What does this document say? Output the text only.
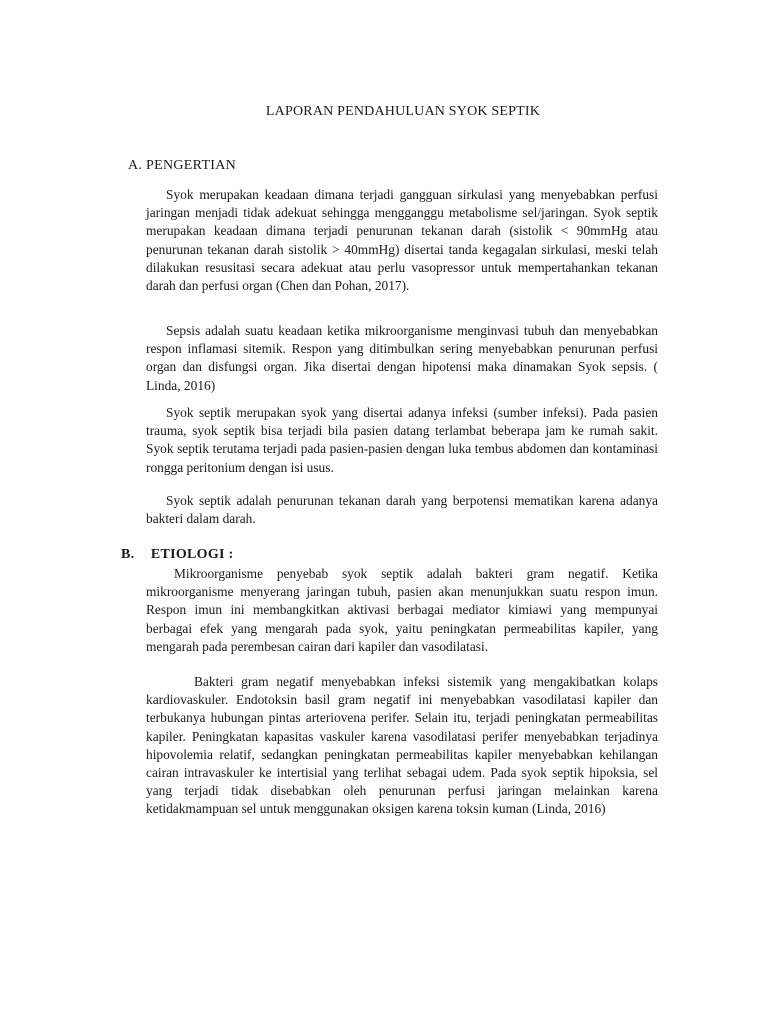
LAPORAN PENDAHULUAN SYOK SEPTIK
A. PENGERTIAN

Syok merupakan keadaan dimana terjadi gangguan sirkulasi yang menyebabkan perfusi jaringan menjadi tidak adekuat sehingga mengganggu metabolisme sel/jaringan. Syok septik merupakan keadaan dimana terjadi penurunan tekanan darah (sistolik < 90mmHg atau penurunan tekanan darah sistolik > 40mmHg) disertai tanda kegagalan sirkulasi, meski telah dilakukan resusitasi secara adekuat atau perlu vasopressor untuk mempertahankan tekanan darah dan perfusi organ (Chen dan Pohan, 2017).

Sepsis adalah suatu keadaan ketika mikroorganisme menginvasi tubuh dan menyebabkan respon inflamasi sitemik. Respon yang ditimbulkan sering menyebabkan penurunan perfusi organ dan disfungsi organ. Jika disertai dengan hipotensi maka dinamakan Syok sepsis. ( Linda, 2016)

Syok septik merupakan syok yang disertai adanya infeksi (sumber infeksi). Pada pasien trauma, syok septik bisa terjadi bila pasien datang terlambat beberapa jam ke rumah sakit. Syok septik terutama terjadi pada pasien-pasien dengan luka tembus abdomen dan kontaminasi rongga peritonium dengan isi usus.

Syok septik adalah penurunan tekanan darah yang berpotensi mematikan karena adanya bakteri dalam darah.

B. ETIOLOGI :

Mikroorganisme penyebab syok septik adalah bakteri gram negatif. Ketika mikroorganisme menyerang jaringan tubuh, pasien akan menunjukkan suatu respon imun. Respon imun ini membangkitkan aktivasi berbagai mediator kimiawi yang mempunyai berbagai efek yang mengarah pada syok, yaitu peningkatan permeabilitas kapiler, yang mengarah pada perembesan cairan dari kapiler dan vasodilatasi.

Bakteri gram negatif menyebabkan infeksi sistemik yang mengakibatkan kolaps kardiovaskuler. Endotoksin basil gram negatif ini menyebabkan vasodilatasi kapiler dan terbukanya hubungan pintas arteriovena perifer. Selain itu, terjadi peningkatan permeabilitas kapiler. Peningkatan kapasitas vaskuler karena vasodilatasi perifer menyebabkan terjadinya hipovolemia relatif, sedangkan peningkatan permeabilitas kapiler menyebabkan kehilangan cairan intravaskuler ke intertisial yang terlihat sebagai udem. Pada syok septik hipoksia, sel yang terjadi tidak disebabkan oleh penurunan perfusi jaringan melainkan karena ketidakmampuan sel untuk menggunakan oksigen karena toksin kuman (Linda, 2016)
